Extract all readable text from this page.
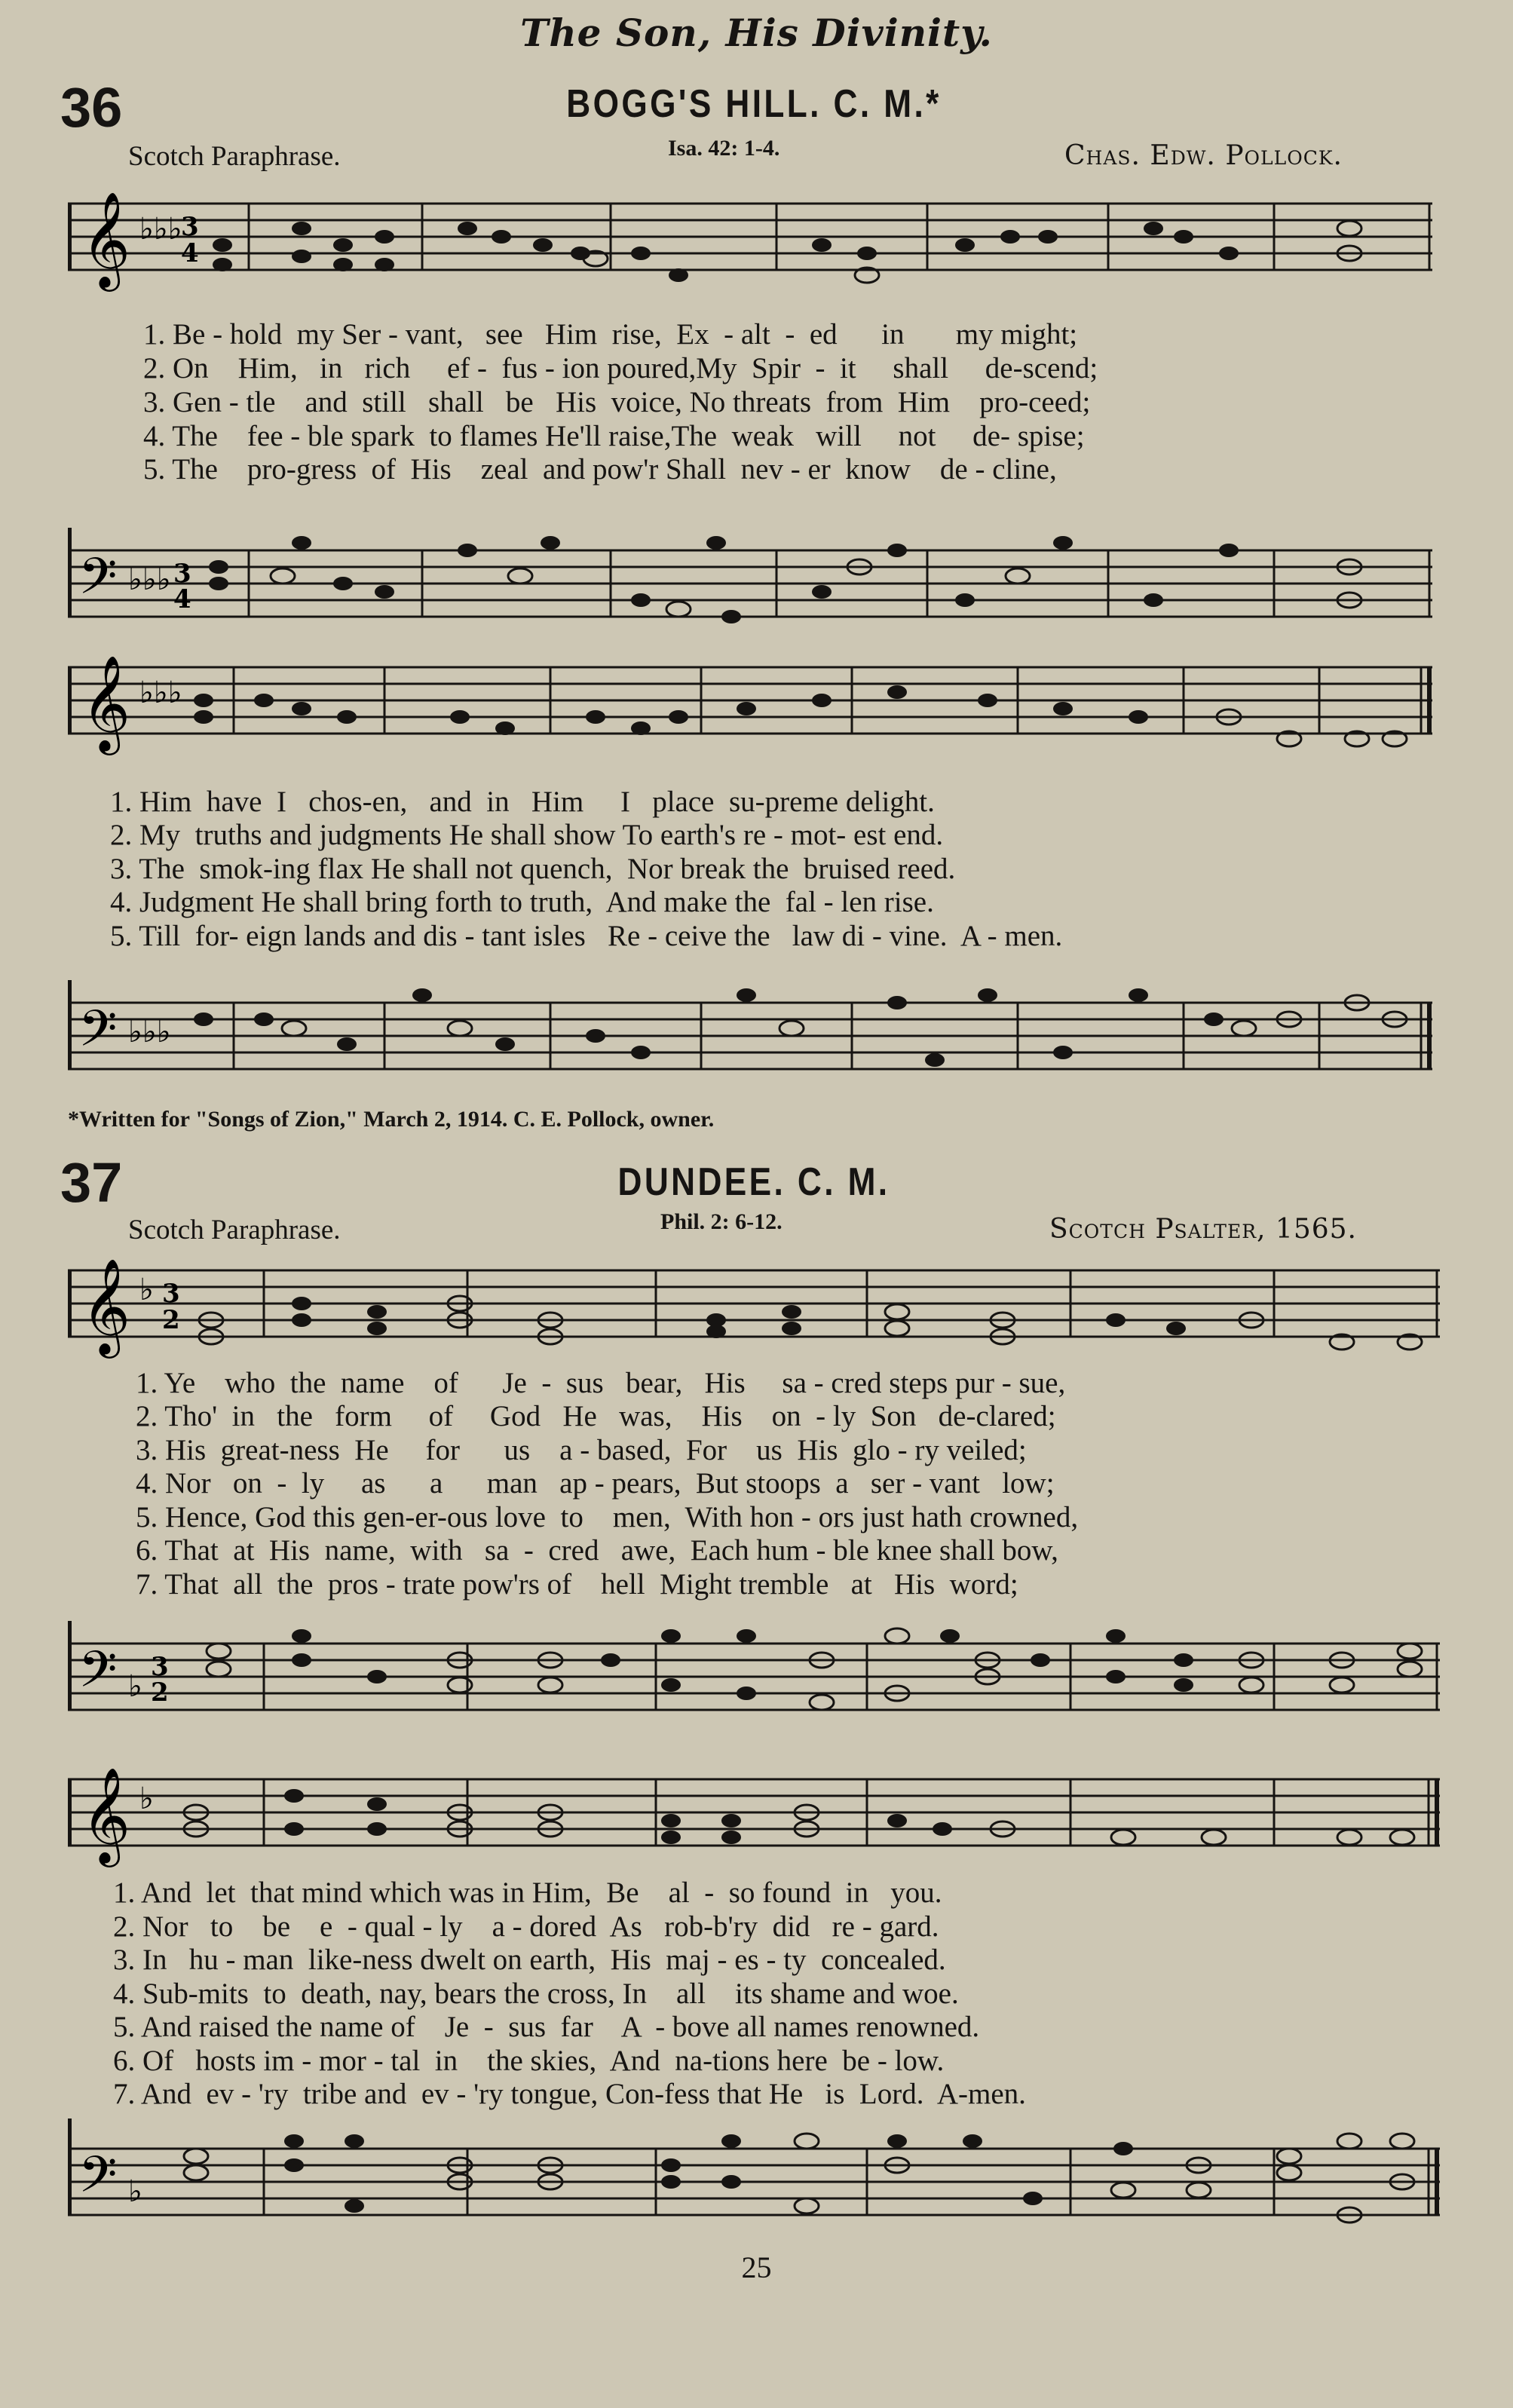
The Son, His Divinity.
36	BOGG'S HILL. C. M.*
Scotch Paraphrase.	Isa. 42: 1-4.	Chas. Edw. Pollock.
𝄞 ♭♭♭
3
4
1. Be - hold  my Ser - vant,   see   Him  rise,  Ex  - alt  -  ed      in       my might;
2. On    Him,   in   rich     ef -  fus - ion poured,My  Spir  -  it     shall     de-scend;
3. Gen - tle    and  still   shall   be   His  voice, No threats  from  Him    pro-ceed;
4. The    fee - ble spark  to flames He'll raise,The  weak   will     not     de- spise;
5. The    pro-gress  of  His    zeal  and pow'r Shall  nev - er  know    de - cline,
𝄢 ♭♭♭ 3
4
𝄞 ♭♭♭
1. Him  have  I   chos-en,   and  in   Him     I   place  su-preme delight.
2. My  truths and judgments He shall show To earth's re - mot- est end.
3. The  smok-ing flax He shall not quench,  Nor break the  bruised reed.
4. Judgment He shall bring forth to truth,  And make the  fal - len rise.
5. Till  for- eign lands and dis - tant isles   Re - ceive the   law di - vine.  A - men.
𝄢 ♭♭♭
*Written for "Songs of Zion," March 2, 1914. C. E. Pollock, owner.
37	DUNDEE. C. M.
Scotch Paraphrase.	Phil. 2: 6-12.	Scotch Psalter, 1565.
𝄞 ♭ 3
2
1. Ye    who  the  name    of      Je  -  sus   bear,   His     sa - cred steps pur - sue,
2. Tho'  in   the   form     of     God   He   was,    His    on  - ly  Son   de-clared;
3. His  great-ness  He     for      us    a - based,  For    us  His  glo - ry veiled;
4. Nor   on  -  ly     as      a      man   ap - pears,  But stoops  a   ser - vant   low;
5. Hence, God this gen-er-ous love  to    men,  With hon - ors just hath crowned,
6. That  at  His  name,  with   sa  -  cred   awe,  Each hum - ble knee shall bow,
7. That  all  the  pros - trate pow'rs of    hell  Might tremble   at   His  word;
𝄢 ♭
3
2
𝄞 ♭
1. And  let  that mind which was in Him,  Be    al  -  so found  in   you.
2. Nor   to    be    e  - qual - ly    a - dored  As   rob-b'ry  did   re - gard.
3. In   hu - man  like-ness dwelt on earth,  His  maj - es - ty  concealed.
4. Sub-mits  to  death, nay, bears the cross, In    all    its shame and woe.
5. And raised the name of    Je  -  sus  far    A  - bove all names renowned.
6. Of   hosts im - mor - tal  in    the skies,  And  na-tions here  be - low.
7. And  ev - 'ry  tribe and  ev - 'ry tongue, Con-fess that He   is  Lord.  A-men.
𝄢 ♭
25
